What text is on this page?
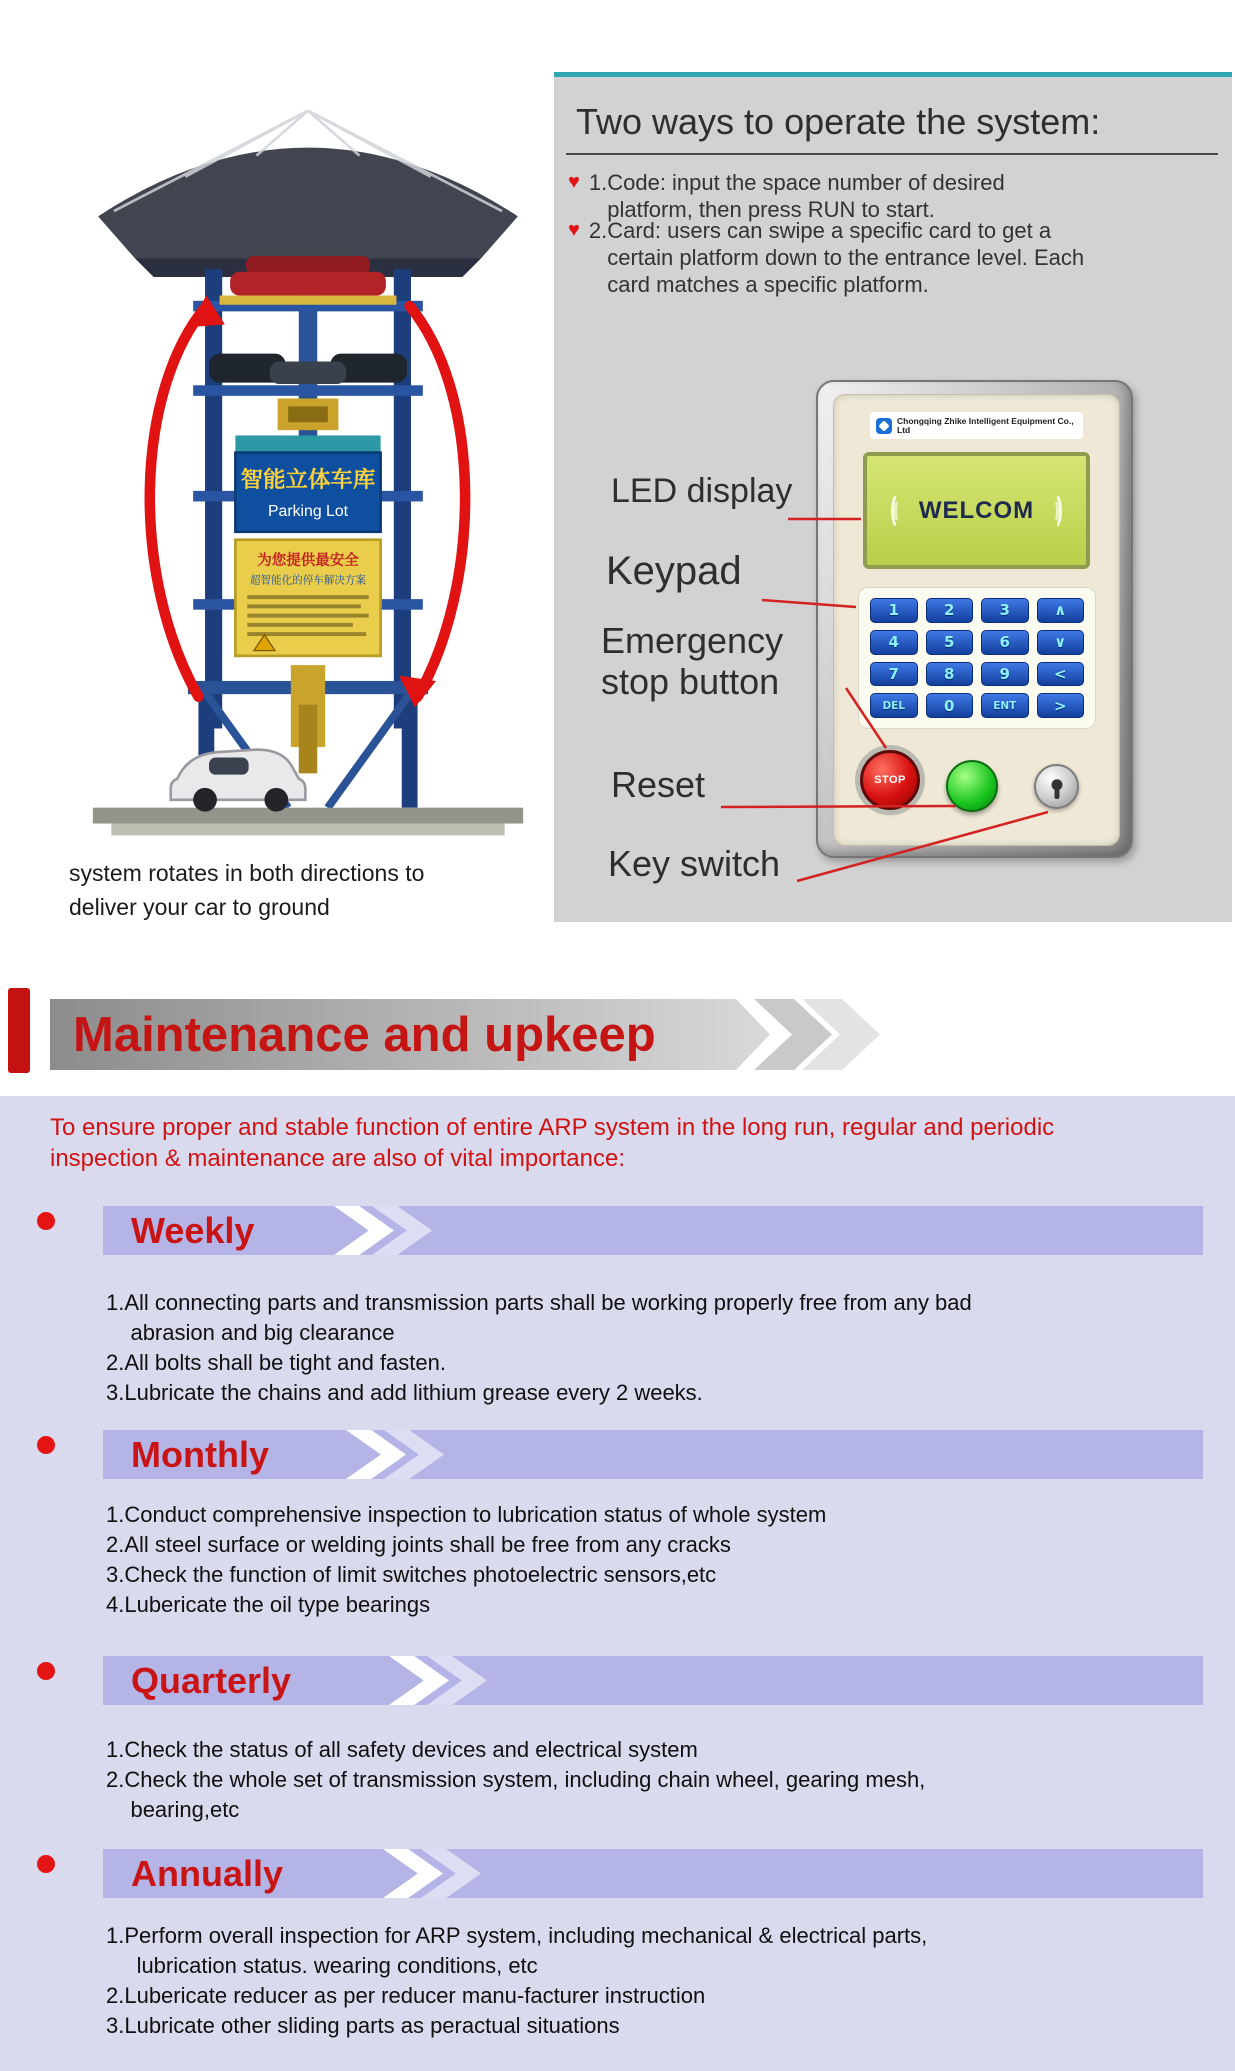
Two ways to operate the system:
♥ 1.Code: input the space number of desired
platform, then press RUN to start.
♥ 2.Card: users can swipe a specific card to get a
certain platform down to the entrance level. Each
card matches a specific platform.
智能立体车库
Parking Lot
为您提供最安全
超智能化的停车解决方案
system rotates in both directions to
deliver your car to ground
Chongqing Zhike Intelligent Equipment Co., Ltd
WELCOM
1	2	3	∧
4	5	6	∨
7	8	9	<
DEL	0	ENT	>
STOP
LED display
Keypad
Emergency
stop button
Reset
Key switch
Maintenance and upkeep
To ensure proper and stable function of entire ARP system in the long run, regular and periodic
inspection & maintenance are also of vital importance:
Weekly
1.All connecting parts and transmission parts shall be working properly free from any bad
abrasion and big clearance
2.All bolts shall be tight and fasten.
3.Lubricate the chains and add lithium grease every 2 weeks.
Monthly
1.Conduct comprehensive inspection to lubrication status of whole system
2.All steel surface or welding joints shall be free from any cracks
3.Check the function of limit switches photoelectric sensors,etc
4.Lubericate the oil type bearings
Quarterly
1.Check the status of all safety devices and electrical system
2.Check the whole set of transmission system, including chain wheel, gearing mesh,
bearing,etc
Annually
1.Perform overall inspection for ARP system, including mechanical & electrical parts,
lubrication status. wearing conditions, etc
2.Lubericate reducer as per reducer manu-facturer instruction
3.Lubricate other sliding parts as peractual situations
